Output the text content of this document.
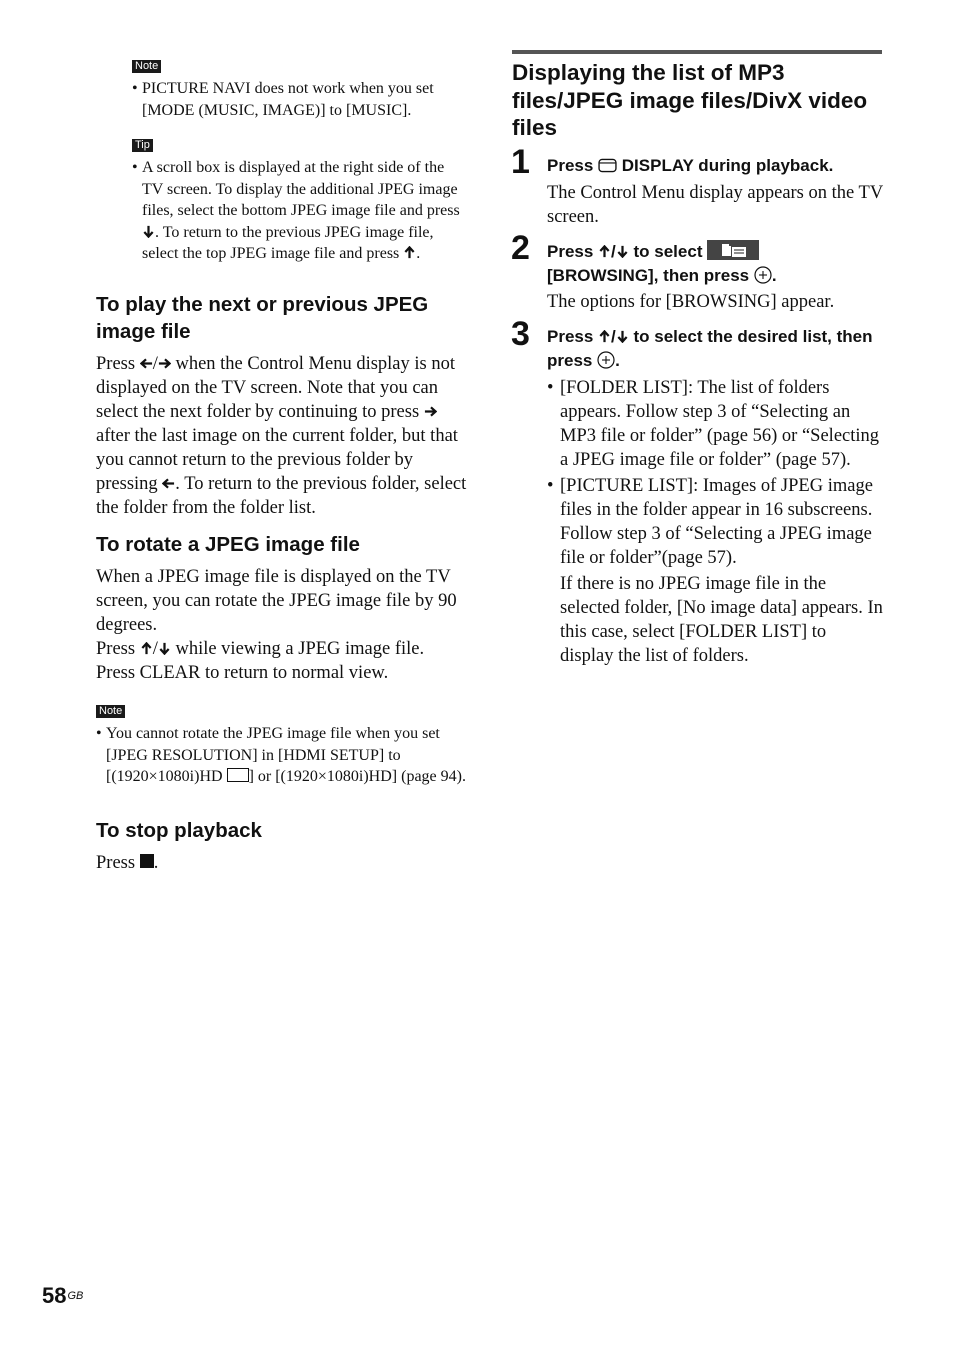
Note
• PICTURE NAVI does not work when you set [MODE (MUSIC, IMAGE)] to [MUSIC].
Tip
• A scroll box is displayed at the right side of the TV screen. To display the additional JPEG image files, select the bottom JPEG image file and press . To return to the previous JPEG image file, select the top JPEG image file and press .
To play the next or previous JPEG image file
Press / when the Control Menu display is not displayed on the TV screen. Note that you can select the next folder by continuing to press  after the last image on the current folder, but that you cannot return to the previous folder by pressing . To return to the previous folder, select the folder from the folder list.
To rotate a JPEG image file
When a JPEG image file is displayed on the TV screen, you can rotate the JPEG image file by 90 degrees.
Press / while viewing a JPEG image file.
Press CLEAR to return to normal view.
Note
• You cannot rotate the JPEG image file when you set [JPEG RESOLUTION] in [HDMI SETUP] to [(1920×1080i)HD ] or [(1920×1080i)HD] (page 94).
To stop playback
Press .
Displaying the list of MP3 files/JPEG image files/DivX video files
1 Press  DISPLAY during playback.
The Control Menu display appears on the TV screen.
2 Press / to select
[BROWSING], then press .
The options for [BROWSING] appear.
3 Press / to select the desired list, then press .
• [FOLDER LIST]: The list of folders appears. Follow step 3 of “Selecting an MP3 file or folder” (page 56) or “Selecting a JPEG image file or folder” (page 57).
• [PICTURE LIST]: Images of JPEG image files in the folder appear in 16 subscreens. Follow step 3 of “Selecting a JPEG image file or folder”(page 57).
If there is no JPEG image file in the selected folder, [No image data] appears. In this case, select [FOLDER LIST] to display the list of folders.
$58^{GB}$
